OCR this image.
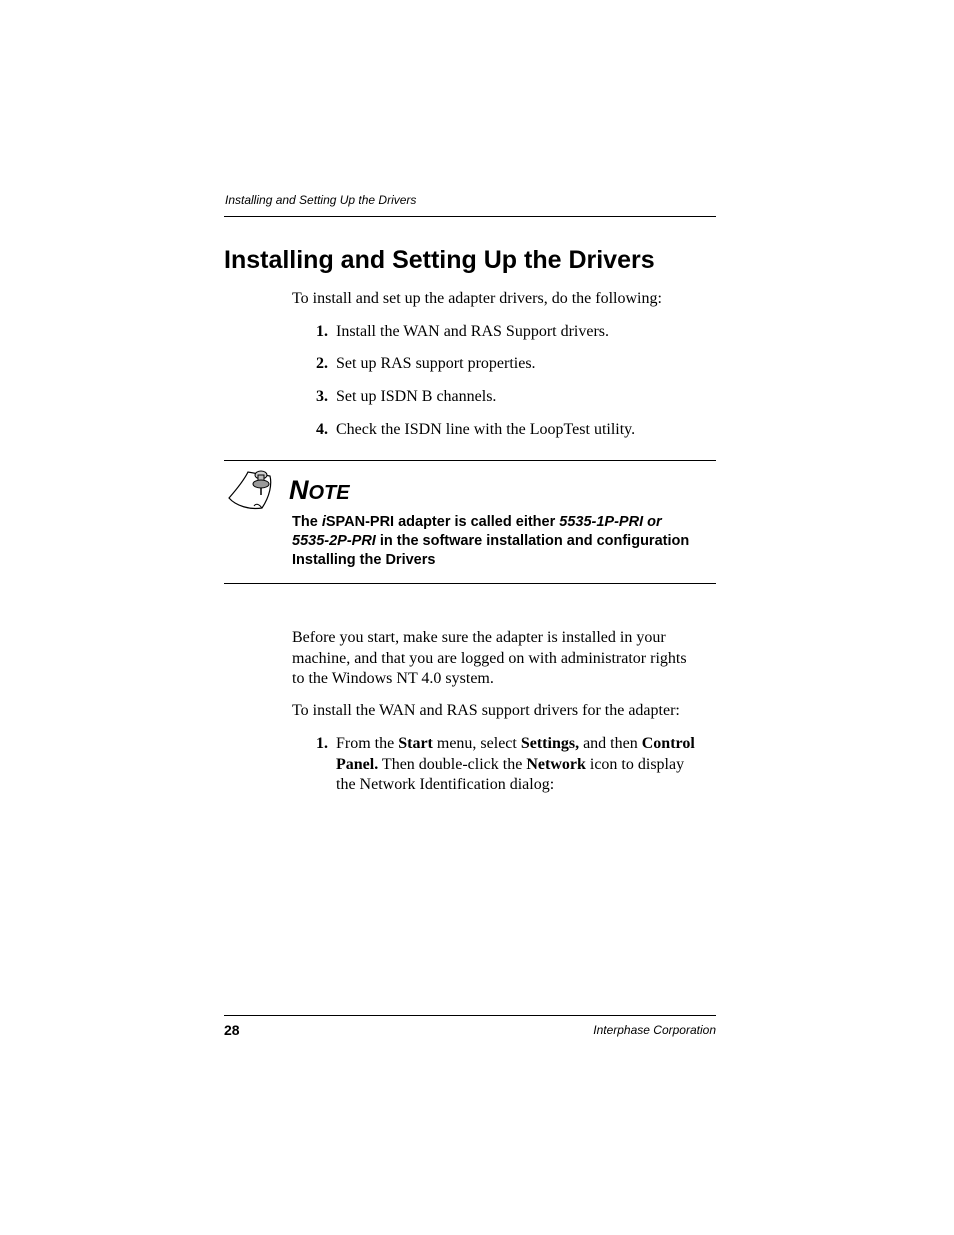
Installing and Setting Up the Drivers
Installing and Setting Up the Drivers
To install and set up the adapter drivers, do the following:
1. Install the WAN and RAS Support drivers.
2. Set up RAS support properties.
3. Set up ISDN B channels.
4. Check the ISDN line with the LoopTest utility.
NOTE
The iSPAN-PRI adapter is called either 5535-1P-PRI or
5535-2P-PRI in the software installation and configuration
Installing the Drivers
Before you start, make sure the adapter is installed in your
machine, and that you are logged on with administrator rights
to the Windows NT 4.0 system.
To install the WAN and RAS support drivers for the adapter:
1. From the Start menu, select Settings, and then Control
Panel. Then double-click the Network icon to display
the Network Identification dialog:
28	Interphase Corporation
